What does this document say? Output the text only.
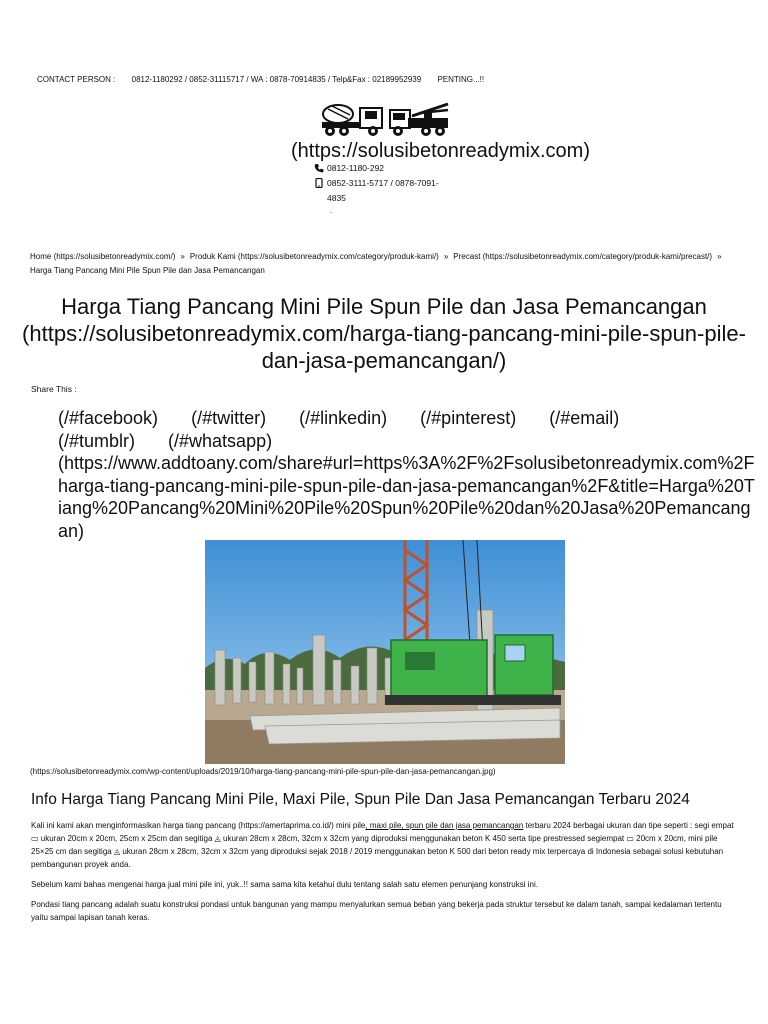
CONTACT PERSON : 0812-1180292 / 0852-31115717 / WA : 0878-70914835 / Telp&Fax : 02189952939 PENTING...!!
(https://solusibetonreadymix.com)
0812-1180-292
0852-3111-5717 / 0878-7091-4835
.
Home (https://solusibetonreadymix.com/) » Produk Kami (https://solusibetonreadymix.com/category/produk-kami/) » Precast (https://solusibetonreadymix.com/category/produk-kami/precast/) »
Harga Tiang Pancang Mini Pile Spun Pile dan Jasa Pemancangan
Harga Tiang Pancang Mini Pile Spun Pile dan Jasa Pemancangan (https://solusibetonreadymix.com/harga-tiang-pancang-mini-pile-spun-pile-dan-jasa-pemancangan/)
Share This :
(/#facebook) (/#twitter) (/#linkedin) (/#pinterest) (/#email)
(/#tumblr) (/#whatsapp)
(https://www.addtoany.com/share#url=https%3A%2F%2Fsolusibetonreadymix.com%2Fharga-tiang-pancang-mini-pile-spun-pile-dan-jasa-pemancangan%2F&title=Harga%20Tiang%20Pancang%20Mini%20Pile%20Spun%20Pile%20dan%20Jasa%20Pemancangan)
(https://solusibetonreadymix.com/wp-content/uploads/2019/10/harga-tiang-pancang-mini-pile-spun-pile-dan-jasa-pemancangan.jpg)
Info Harga Tiang Pancang Mini Pile, Maxi Pile, Spun Pile Dan Jasa Pemancangan Terbaru 2024
Kali ini kami akan menginformasikan harga tiang pancang (https://amertaprima.co.id/) mini pile, maxi pile, spun pile dan jasa pemancangan terbaru 2024 berbagai ukuran dan tipe seperti : segi empat ▭ ukuran 20cm x 20cm, 25cm x 25cm dan segitiga ◬ ukuran 28cm x 28cm, 32cm x 32cm yang diproduksi menggunakan beton K 450 serta tipe prestressed segiempat ▭ 20cm x 20cm, mini pile 25×25 cm dan segitiga ◬ ukuran 28cm x 28cm, 32cm x 32cm yang diproduksi sejak 2018 / 2019 menggunakan beton K 500 dari beton ready mix terpercaya di Indonesia sebagai solusi kebutuhan pembangunan proyek anda.
Sebelum kami bahas mengenai harga jual mini pile ini, yuk..!! sama sama kita ketahui dulu tentang salah satu elemen penunjang konstruksi ini.
Pondasi tiang pancang adalah suatu konstruksi pondasi untuk bangunan yang mampu menyalurkan semua beban yang bekerja pada struktur tersebut ke dalam tanah, sampai kedalaman tertentu yaitu sampai lapisan tanah keras.
